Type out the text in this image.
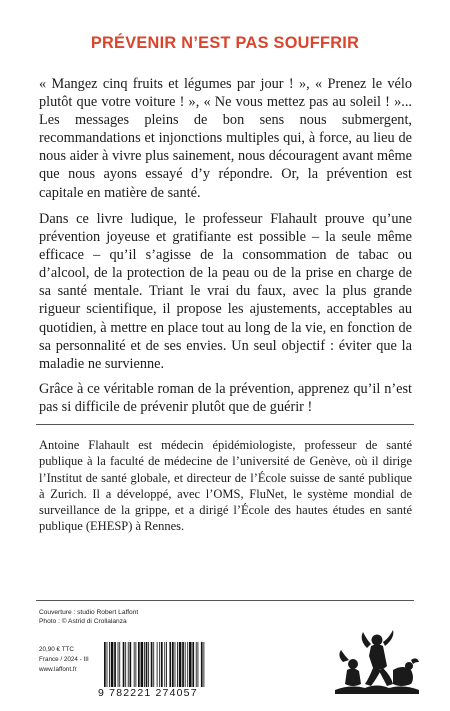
PRÉVENIR N’EST PAS SOUFFRIR

« Mangez cinq fruits et légumes par jour ! », « Prenez le vélo plutôt que votre voiture ! », « Ne vous mettez pas au soleil ! »... Les messages pleins de bon sens nous submergent, recommandations et injonctions multiples qui, à force, au lieu de nous aider à vivre plus sainement, nous découragent avant même que nous ayons essayé d’y répondre. Or, la prévention est capitale en matière de santé.

Dans ce livre ludique, le professeur Flahault prouve qu’une prévention joyeuse et gratifiante est possible – la seule même efficace – qu’il s’agisse de la consommation de tabac ou d’alcool, de la protection de la peau ou de la prise en charge de sa santé mentale. Triant le vrai du faux, avec la plus grande rigueur scientifique, il propose les ajustements, acceptables au quotidien, à mettre en place tout au long de la vie, en fonction de sa personnalité et de ses envies. Un seul objectif : éviter que la maladie ne survienne.

Grâce à ce véritable roman de la prévention, apprenez qu’il n’est pas si difficile de prévenir plutôt que de guérir !

Antoine Flahault est médecin épidémiologiste, professeur de santé publique à la faculté de médecine de l’université de Genève, où il dirige l’Institut de santé globale, et directeur de l’École suisse de santé publique à Zurich. Il a développé, avec l’OMS, FluNet, le système mondial de surveillance de la grippe, et a dirigé l’École des hautes études en santé publique (EHESP) à Rennes.

Couverture : studio Robert Laffont
Photo : © Astrid di Crollalanza
20,90 € TTC
France / 2024 - III
www.laffont.fr
9 782221 274057
